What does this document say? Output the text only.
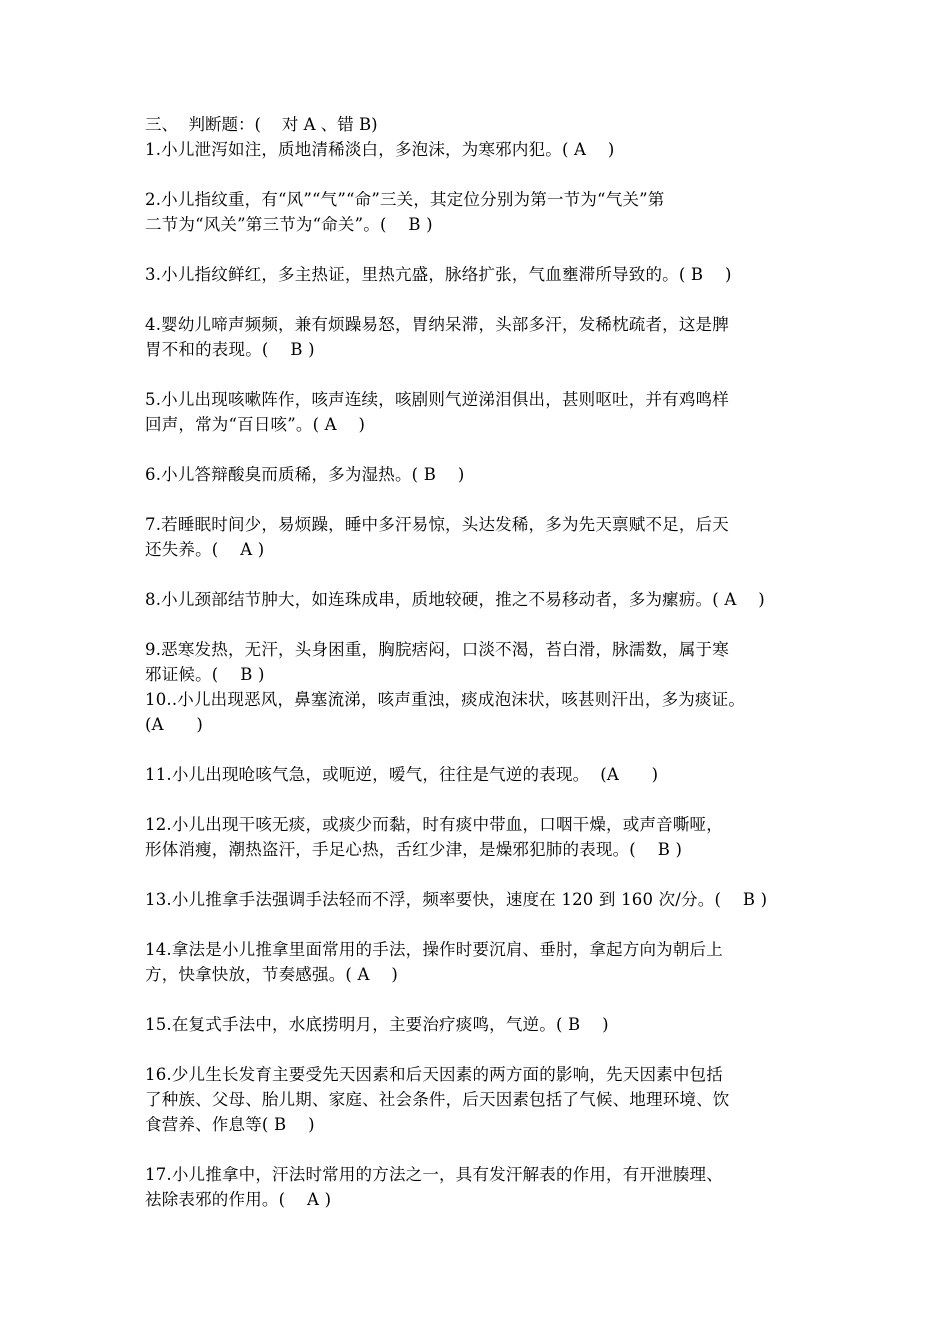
三、  判断题：(    对 A 、错 B)
1.小儿泄泻如注，质地清稀淡白，多泡沫，为寒邪内犯。( A    )
2.小儿指纹重，有“风”“气”“命”三关，其定位分别为第一节为“气关”第
二节为“风关”第三节为“命关”。(    B )
3.小儿指纹鲜红，多主热证，里热亢盛，脉络扩张，气血壅滞所导致的。( B    )
4.婴幼儿啼声频频，兼有烦躁易怒，胃纳呆滞，头部多汗，发稀枕疏者，这是脾
胃不和的表现。(    B )
5.小儿出现咳嗽阵作，咳声连续，咳剧则气逆涕泪俱出，甚则呕吐，并有鸡鸣样
回声，常为“百日咳”。( A    )
6.小儿答辩酸臭而质稀，多为湿热。( B    )
7.若睡眠时间少，易烦躁，睡中多汗易惊，头达发稀，多为先天禀赋不足，后天
还失养。(    A )
8.小儿颈部结节肿大，如连珠成串，质地较硬，推之不易移动者，多为瘰疬。( A    )
9.恶寒发热，无汗，头身困重，胸脘痞闷，口淡不渴，苔白滑，脉濡数，属于寒
邪证候。(    B )
10..小儿出现恶风，鼻塞流涕，咳声重浊，痰成泡沫状，咳甚则汗出，多为痰证。
(A      )
11.小儿出现呛咳气急，或呃逆，嗳气，往往是气逆的表现。  (A      )
12.小儿出现干咳无痰，或痰少而黏，时有痰中带血，口咽干燥，或声音嘶哑，
形体消瘦，潮热盗汗，手足心热，舌红少津，是燥邪犯肺的表现。(    B )
13.小儿推拿手法强调手法轻而不浮，频率要快，速度在 120 到 160 次/分。(    B )
14.拿法是小儿推拿里面常用的手法，操作时要沉肩、垂肘，拿起方向为朝后上
方，快拿快放，节奏感强。( A    )
15.在复式手法中，水底捞明月，主要治疗痰鸣，气逆。( B    )
16.少儿生长发育主要受先天因素和后天因素的两方面的影响，先天因素中包括
了种族、父母、胎儿期、家庭、社会条件，后天因素包括了气候、地理环境、饮
食营养、作息等( B    )
17.小儿推拿中，汗法时常用的方法之一，具有发汗解表的作用，有开泄腠理、
祛除表邪的作用。(    A )
